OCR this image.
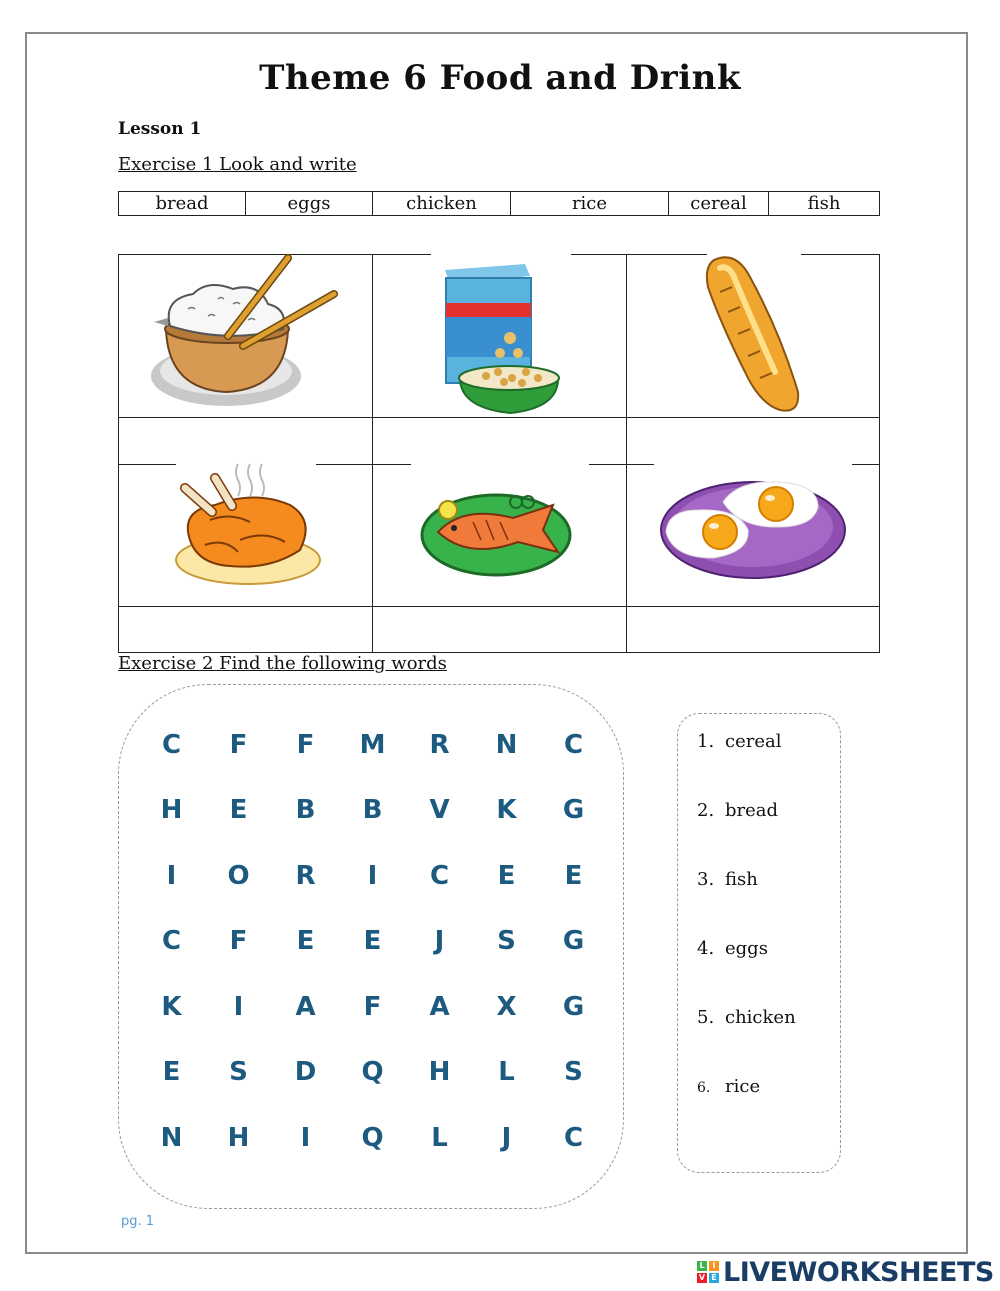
Theme 6 Food and Drink
Lesson 1
Exercise 1 Look and write
bread	eggs	chicken	rice	cereal	fish
Exercise 2 Find the following words
C	F	F	M	R	N	C
H	E	B	B	V	K	G
I	O	R	I	C	E	E
C	F	E	E	J	S	G
K	I	A	F	A	X	G
E	S	D	Q	H	L	S
N	H	I	Q	L	J	C
1. cereal
2. bread
3. fish
4. eggs
5. chicken
6. rice
pg. 1
L I
V E LIVEWORKSHEETS
